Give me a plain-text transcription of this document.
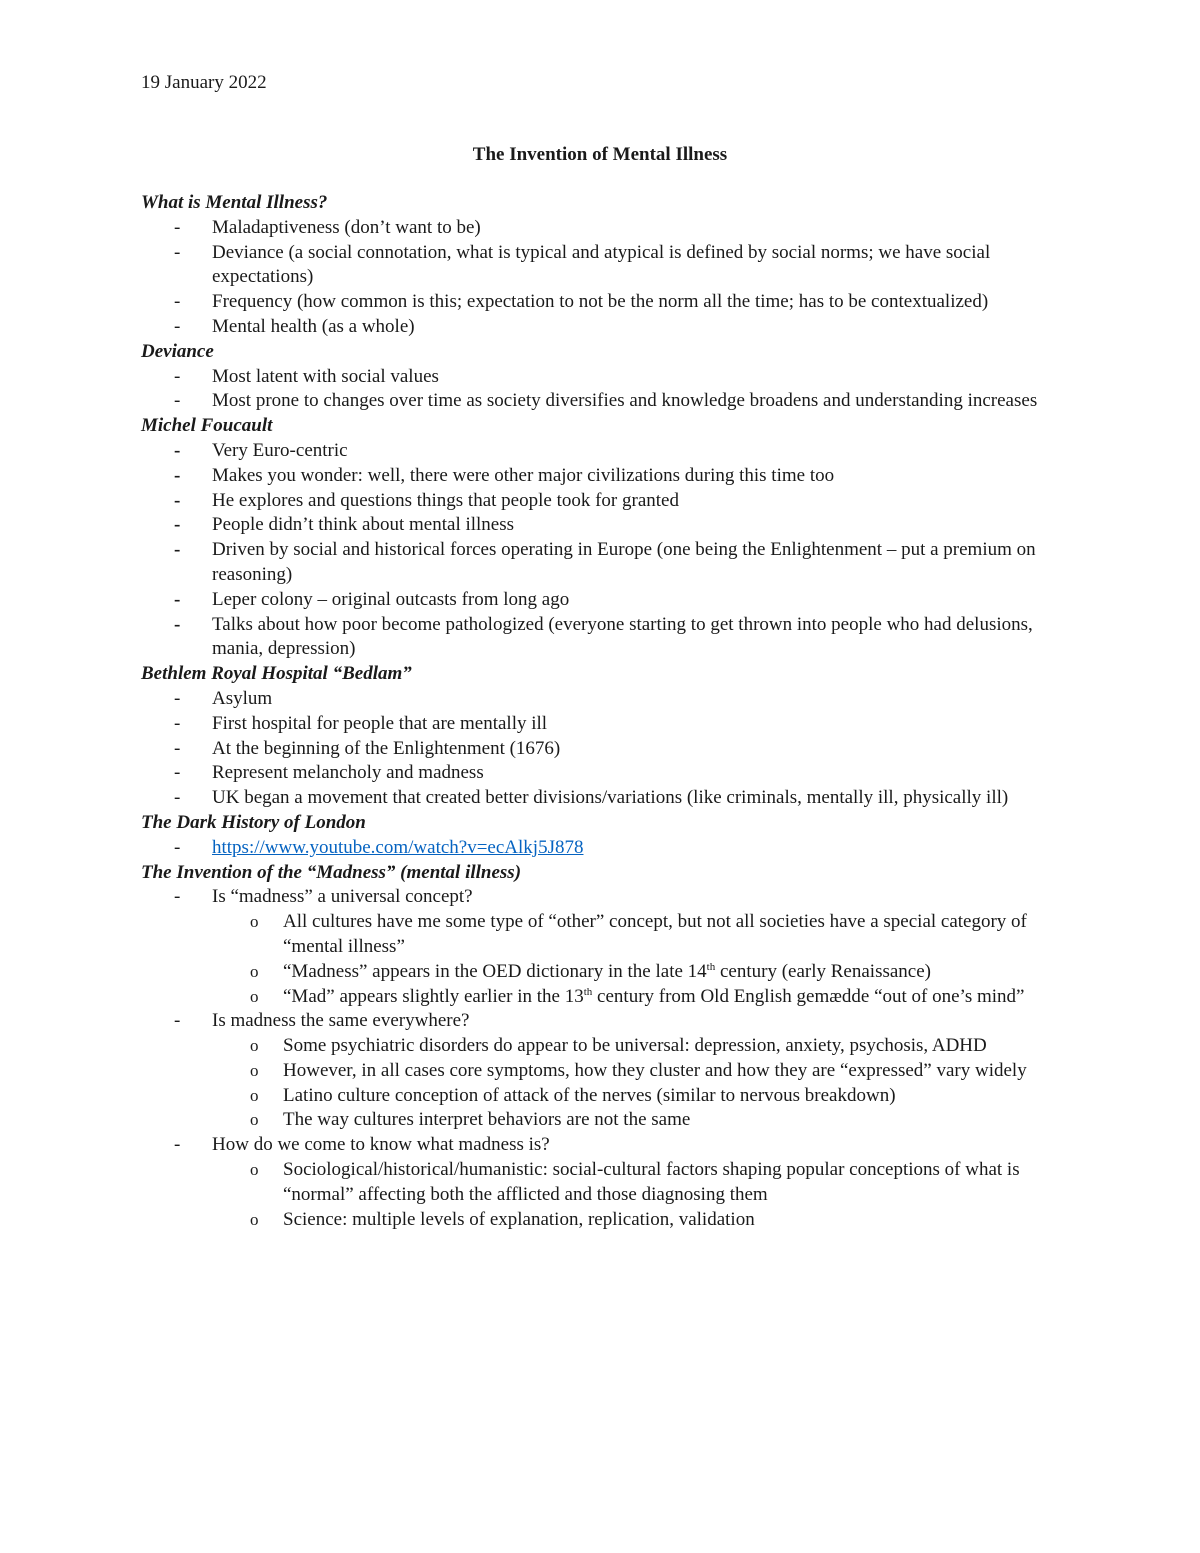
19 January 2022
The Invention of Mental Illness
What is Mental Illness?
- Maladaptiveness (don’t want to be)
- Deviance (a social connotation, what is typical and atypical is defined by social norms; we have social expectations)
- Frequency (how common is this; expectation to not be the norm all the time; has to be contextualized)
- Mental health (as a whole)
Deviance
- Most latent with social values
- Most prone to changes over time as society diversifies and knowledge broadens and understanding increases
Michel Foucault
- Very Euro-centric
- Makes you wonder: well, there were other major civilizations during this time too
- He explores and questions things that people took for granted
- People didn’t think about mental illness
- Driven by social and historical forces operating in Europe (one being the Enlightenment – put a premium on reasoning)
- Leper colony – original outcasts from long ago
- Talks about how poor become pathologized (everyone starting to get thrown into people who had delusions, mania, depression)
Bethlem Royal Hospital “Bedlam”
- Asylum
- First hospital for people that are mentally ill
- At the beginning of the Enlightenment (1676)
- Represent melancholy and madness
- UK began a movement that created better divisions/variations (like criminals, mentally ill, physically ill)
The Dark History of London
- https://www.youtube.com/watch?v=ecAlkj5J878
The Invention of the “Madness” (mental illness)
- Is “madness” a universal concept?
o All cultures have me some type of “other” concept, but not all societies have a special category of “mental illness”
o “Madness” appears in the OED dictionary in the late 14th century (early Renaissance)
o “Mad” appears slightly earlier in the 13th century from Old English gemædde “out of one’s mind”
- Is madness the same everywhere?
o Some psychiatric disorders do appear to be universal: depression, anxiety, psychosis, ADHD
o However, in all cases core symptoms, how they cluster and how they are “expressed” vary widely
o Latino culture conception of attack of the nerves (similar to nervous breakdown)
o The way cultures interpret behaviors are not the same
- How do we come to know what madness is?
o Sociological/historical/humanistic: social-cultural factors shaping popular conceptions of what is “normal” affecting both the afflicted and those diagnosing them
o Science: multiple levels of explanation, replication, validation
